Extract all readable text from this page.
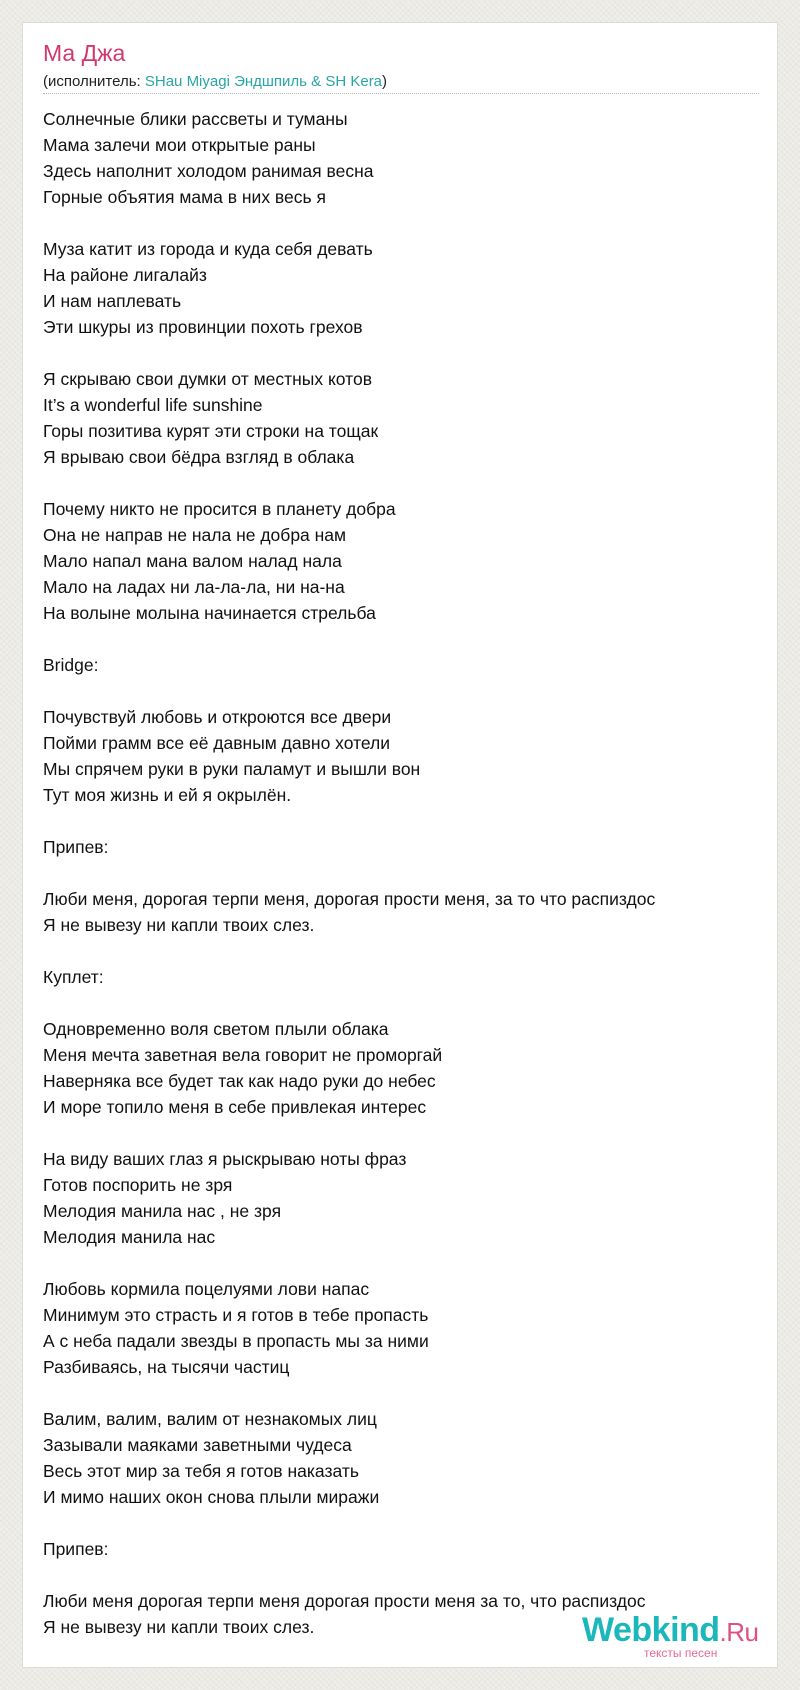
Ма Джа
(исполнитель: SHau Miyagi Эндшпиль & SH Kera)
Солнечные блики рассветы и туманы
Мама залечи мои открытые раны
Здесь наполнит холодом ранимая весна
Горные объятия мама в них весь я
Муза катит из города и куда себя девать
На районе лигалайз
И нам наплевать
Эти шкуры из провинции похоть грехов
Я скрываю свои думки от местных котов
It’s a wonderful life sunshine
Горы позитива курят эти строки на тощак
Я врываю свои бёдра взгляд в облака
Почему никто не просится в планету добра
Она не направ не нала не добра нам
Мало напал мана валом налад нала
Мало на ладах ни ла-ла-ла, ни на-на
На волыне молына начинается стрельба
Bridge:
Почувствуй любовь и откроются все двери
Пойми грамм все её давным давно хотели
Мы спрячем руки в руки паламут и вышли вон
Тут моя жизнь и ей я окрылён.
Припев:
Люби меня, дорогая терпи меня, дорогая прости меня, за то что распиздос
Я не вывезу ни капли твоих слез.
Куплет:
Одновременно воля светом плыли облака
Меня мечта заветная вела говорит не проморгай
Наверняка все будет так как надо руки до небес
И море топило меня в себе привлекая интерес
На виду ваших глаз я рыскрываю ноты фраз
Готов поспорить не зря
Мелодия манила нас , не зря
Мелодия манила нас
Любовь кормила поцелуями лови напас
Минимум это страсть и я готов в тебе пропасть
А с неба падали звезды в пропасть мы за ними
Разбиваясь, на тысячи частиц
Валим, валим, валим от незнакомых лиц
Зазывали маяками заветными чудеса
Весь этот мир за тебя я готов наказать
И мимо наших окон снова плыли миражи
Припев:
Люби меня дорогая терпи меня дорогая прости меня за то, что распиздос
Я не вывезу ни капли твоих слез.	Webkind.Ru
тексты песен
